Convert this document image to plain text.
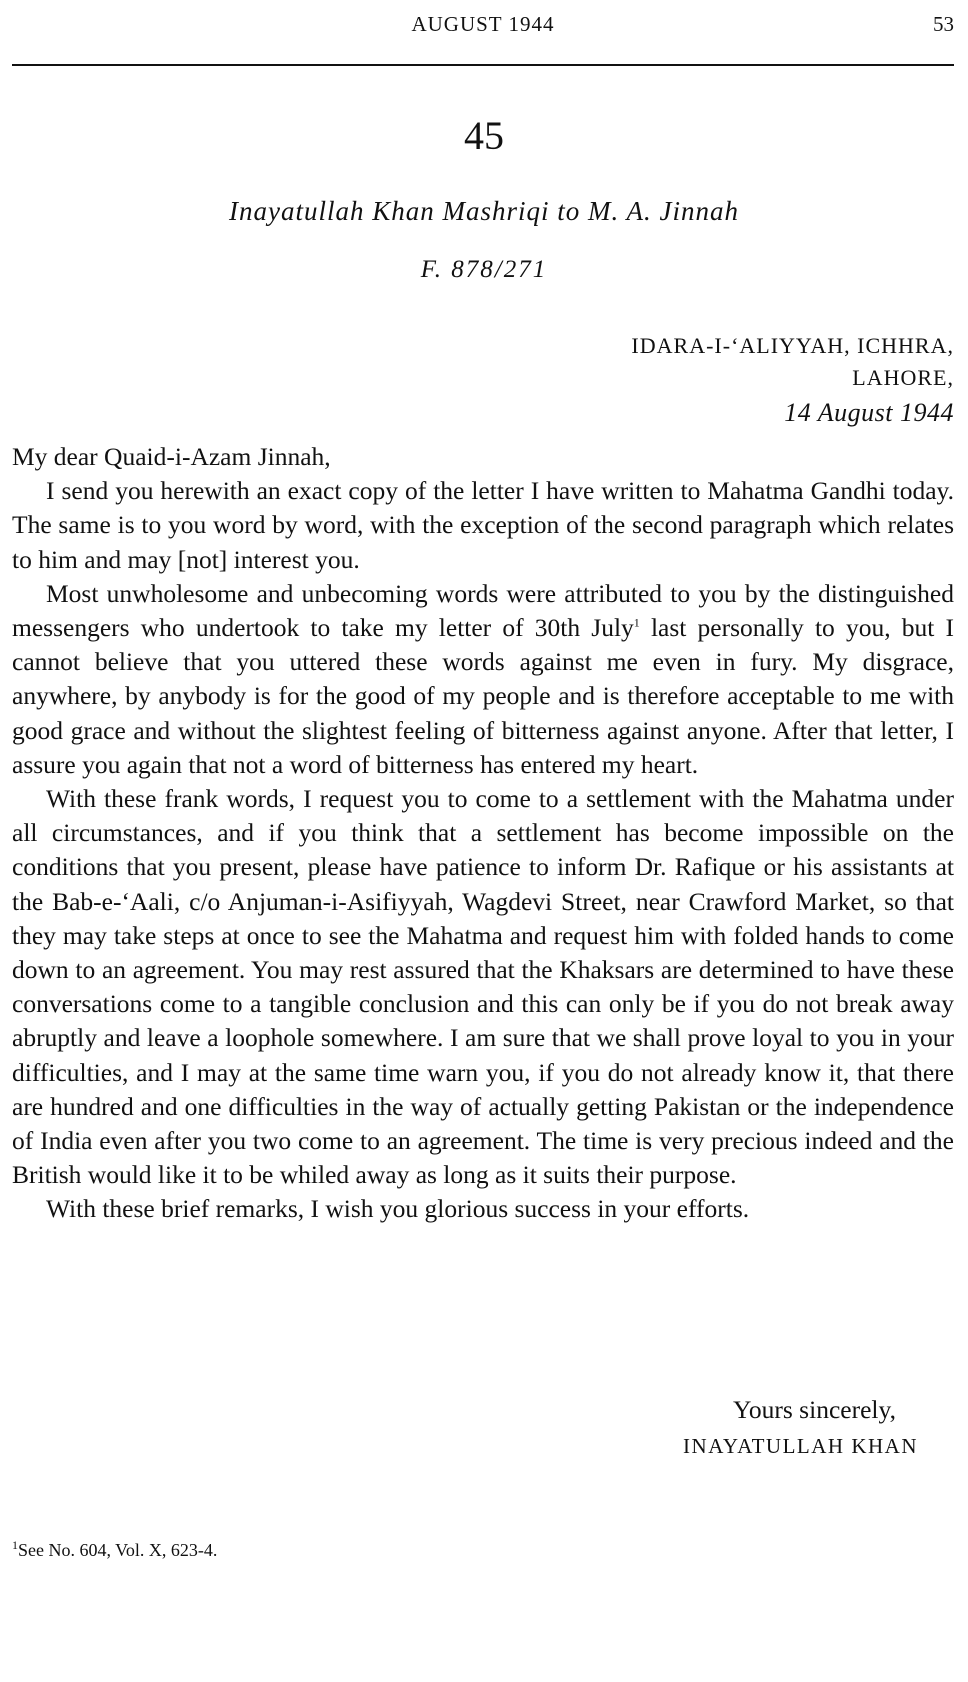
AUGUST 1944	53
45
Inayatullah Khan Mashriqi to M. A. Jinnah
F. 878/271
IDARA-I-‘ALIYYAH, ICHHRA,
LAHORE,
14 August 1944

My dear Quaid-i-Azam Jinnah,

I send you herewith an exact copy of the letter I have written to Mahatma Gandhi today. The same is to you word by word, with the exception of the second paragraph which relates to him and may [not] interest you.

Most unwholesome and unbecoming words were attributed to you by the distinguished messengers who undertook to take my letter of 30th July$^1$ last personally to you, but I cannot believe that you uttered these words against me even in fury. My disgrace, anywhere, by anybody is for the good of my people and is therefore acceptable to me with good grace and without the slightest feeling of bitterness against anyone. After that letter, I assure you again that not a word of bitterness has entered my heart.

With these frank words, I request you to come to a settlement with the Mahatma under all circumstances, and if you think that a settlement has become impossible on the conditions that you present, please have patience to inform Dr. Rafique or his assistants at the Bab-e-‘Aali, c/o Anjuman-i-Asifiyyah, Wagdevi Street, near Crawford Market, so that they may take steps at once to see the Mahatma and request him with folded hands to come down to an agreement. You may rest assured that the Khaksars are determined to have these conversations come to a tangible conclusion and this can only be if you do not break away abruptly and leave a loophole somewhere. I am sure that we shall prove loyal to you in your difficulties, and I may at the same time warn you, if you do not already know it, that there are hundred and one difficulties in the way of actually getting Pakistan or the independence of India even after you two come to an agreement. The time is very precious indeed and the British would like it to be whiled away as long as it suits their purpose.

With these brief remarks, I wish you glorious success in your efforts.

Yours sincerely,
INAYATULLAH KHAN
$^1$See No. 604, Vol. X, 623-4.
